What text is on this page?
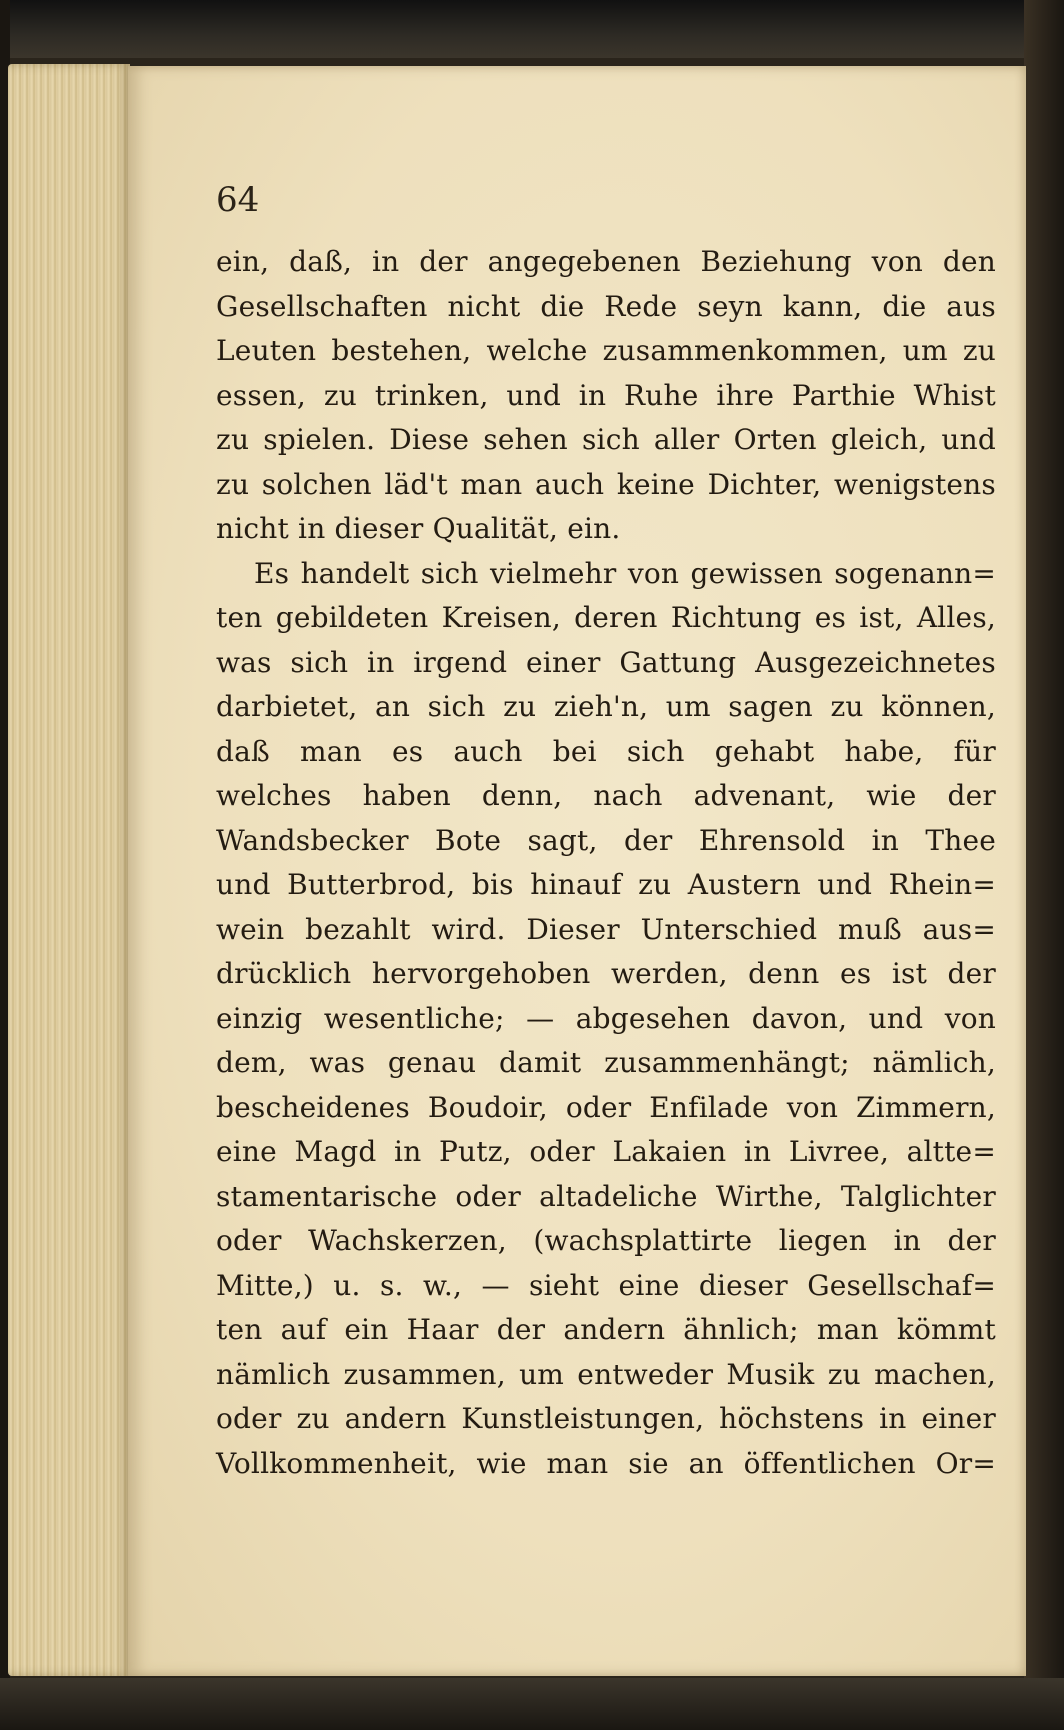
64

ein, daß, in der angegebenen Beziehung von den
Gesellschaften nicht die Rede seyn kann, die aus
Leuten bestehen, welche zusammenkommen, um zu
essen, zu trinken, und in Ruhe ihre Parthie Whist
zu spielen. Diese sehen sich aller Orten gleich, und
zu solchen läd't man auch keine Dichter, wenigstens
nicht in dieser Qualität, ein.
Es handelt sich vielmehr von gewissen sogenann=
ten gebildeten Kreisen, deren Richtung es ist, Alles,
was sich in irgend einer Gattung Ausgezeichnetes
darbietet, an sich zu zieh'n, um sagen zu können,
daß man es auch bei sich gehabt habe, für
welches haben denn, nach advenant, wie der
Wandsbecker Bote sagt, der Ehrensold in Thee
und Butterbrod, bis hinauf zu Austern und Rhein=
wein bezahlt wird. Dieser Unterschied muß aus=
drücklich hervorgehoben werden, denn es ist der
einzig wesentliche; — abgesehen davon, und von
dem, was genau damit zusammenhängt; nämlich,
bescheidenes Boudoir, oder Enfilade von Zimmern,
eine Magd in Putz, oder Lakaien in Livree, altte=
stamentarische oder altadeliche Wirthe, Talglichter
oder Wachskerzen, (wachsplattirte liegen in der
Mitte,) u. s. w., — sieht eine dieser Gesellschaf=
ten auf ein Haar der andern ähnlich; man kömmt
nämlich zusammen, um entweder Musik zu machen,
oder zu andern Kunstleistungen, höchstens in einer
Vollkommenheit, wie man sie an öffentlichen Or=
